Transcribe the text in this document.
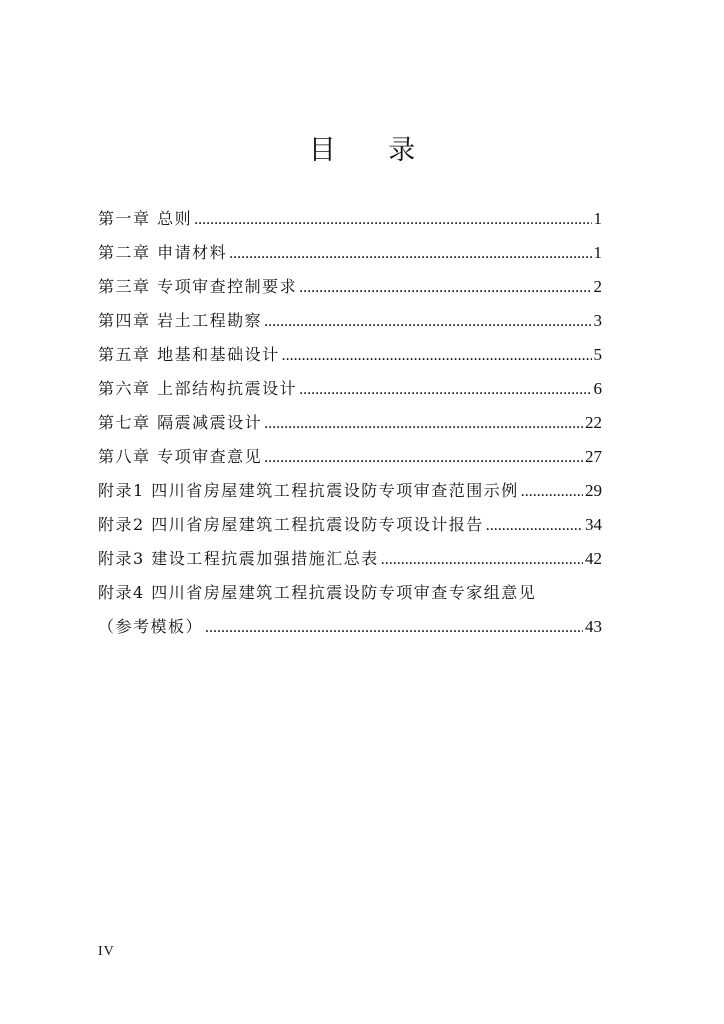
目 录
第一章 总则 .....	1
第二章 申请材料 .....	1
第三章 专项审查控制要求 .....	2
第四章 岩土工程勘察 .....	3
第五章 地基和基础设计 .....	5
第六章 上部结构抗震设计 .....	6
第七章 隔震减震设计 .....	22
第八章 专项审查意见 .....	27
附录1 四川省房屋建筑工程抗震设防专项审查范围示例 .....	29
附录2 四川省房屋建筑工程抗震设防专项设计报告 .....	34
附录3 建设工程抗震加强措施汇总表 .....	42
附录4 四川省房屋建筑工程抗震设防专项审查专家组意见
（参考模板） .....	43
IV
